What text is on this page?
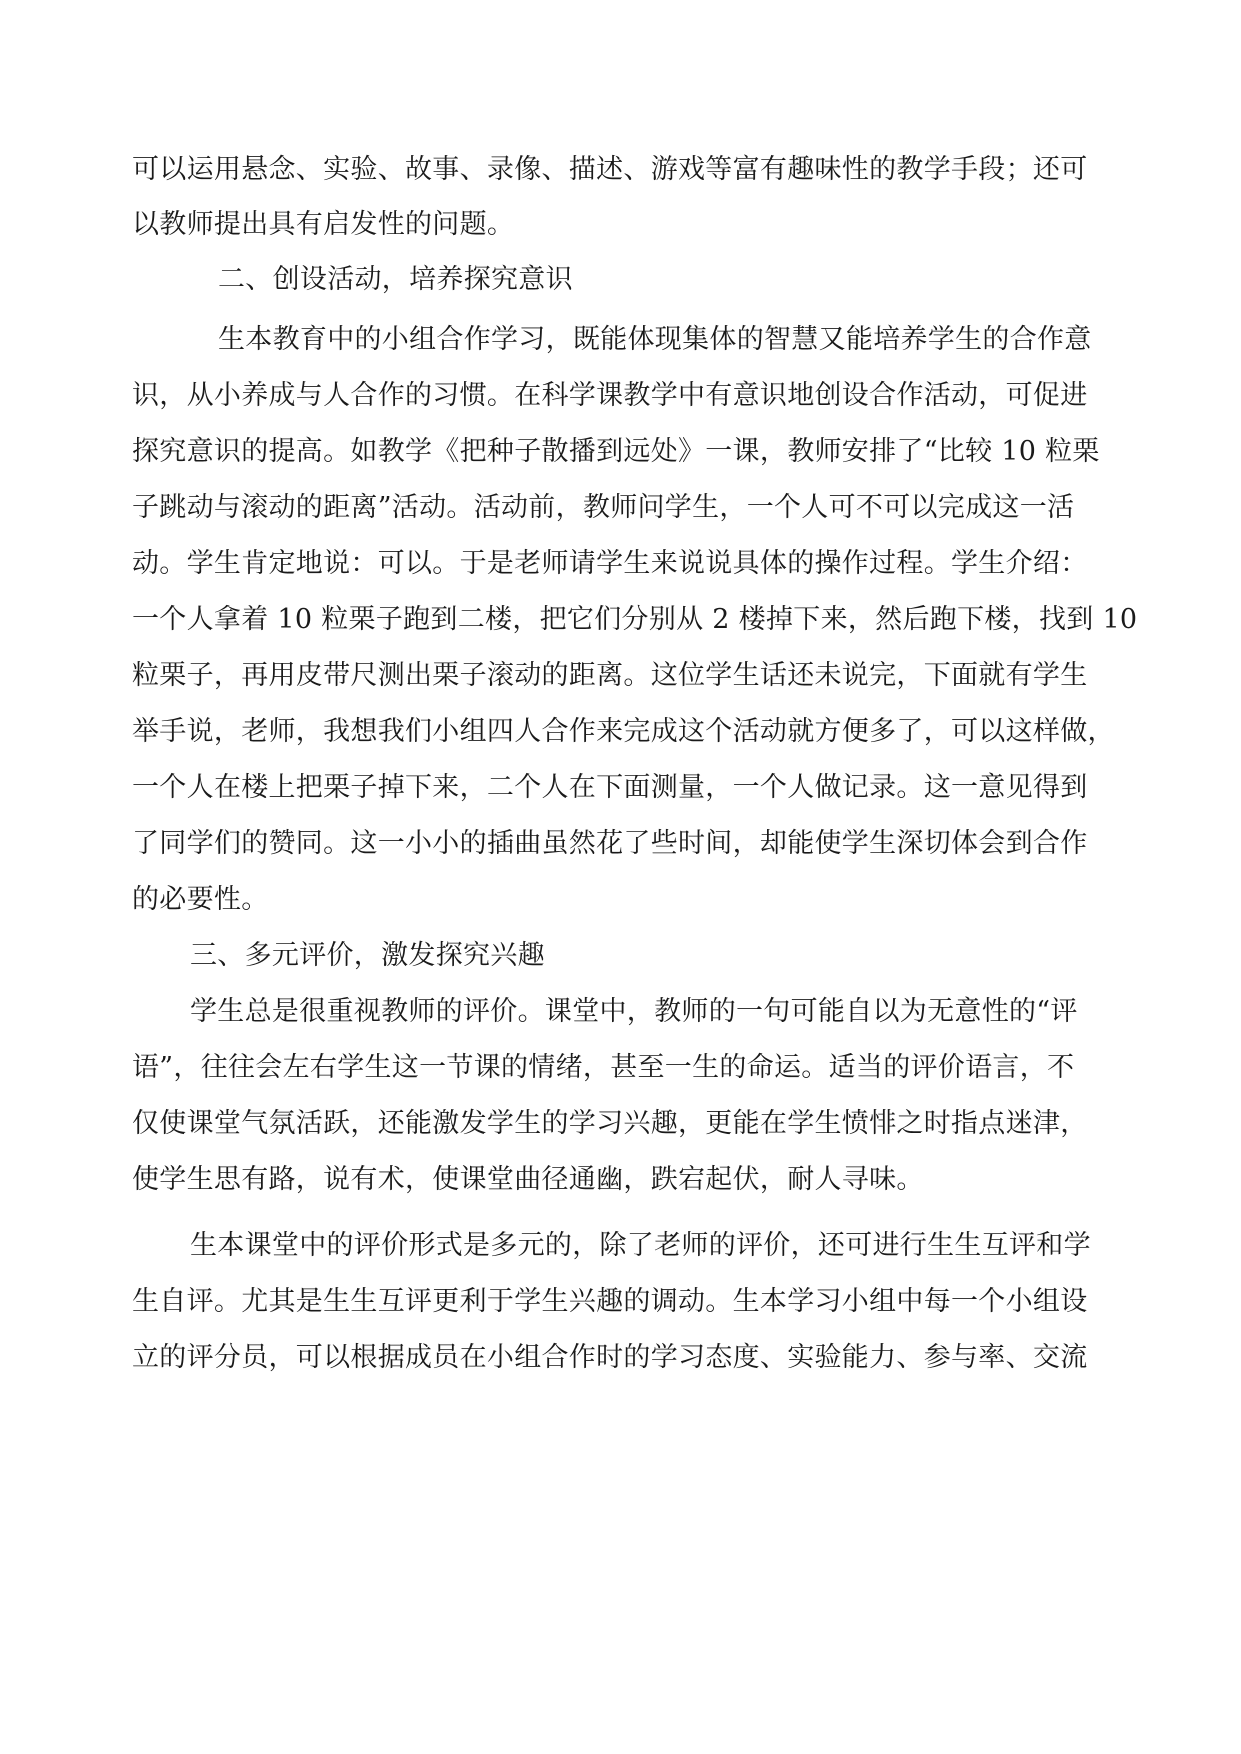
可以运用悬念、实验、故事、录像、描述、游戏等富有趣味性的教学手段；还可
以教师提出具有启发性的问题。
二、创设活动，培养探究意识
生本教育中的小组合作学习，既能体现集体的智慧又能培养学生的合作意
识，从小养成与人合作的习惯。在科学课教学中有意识地创设合作活动，可促进
探究意识的提高。如教学《把种子散播到远处》一课，教师安排了“比较 10 粒栗
子跳动与滚动的距离”活动。活动前，教师问学生，一个人可不可以完成这一活
动。学生肯定地说：可以。于是老师请学生来说说具体的操作过程。学生介绍：
一个人拿着 10 粒栗子跑到二楼，把它们分别从 2 楼掉下来，然后跑下楼，找到 10
粒栗子，再用皮带尺测出栗子滚动的距离。这位学生话还未说完，下面就有学生
举手说，老师，我想我们小组四人合作来完成这个活动就方便多了，可以这样做，
一个人在楼上把栗子掉下来，二个人在下面测量，一个人做记录。这一意见得到
了同学们的赞同。这一小小的插曲虽然花了些时间，却能使学生深切体会到合作
的必要性。
三、多元评价，激发探究兴趣
学生总是很重视教师的评价。课堂中，教师的一句可能自以为无意性的“评
语”，往往会左右学生这一节课的情绪，甚至一生的命运。适当的评价语言，不
仅使课堂气氛活跃，还能激发学生的学习兴趣，更能在学生愤悱之时指点迷津，
使学生思有路，说有术，使课堂曲径通幽，跌宕起伏，耐人寻味。
生本课堂中的评价形式是多元的，除了老师的评价，还可进行生生互评和学
生自评。尤其是生生互评更利于学生兴趣的调动。生本学习小组中每一个小组设
立的评分员，可以根据成员在小组合作时的学习态度、实验能力、参与率、交流
